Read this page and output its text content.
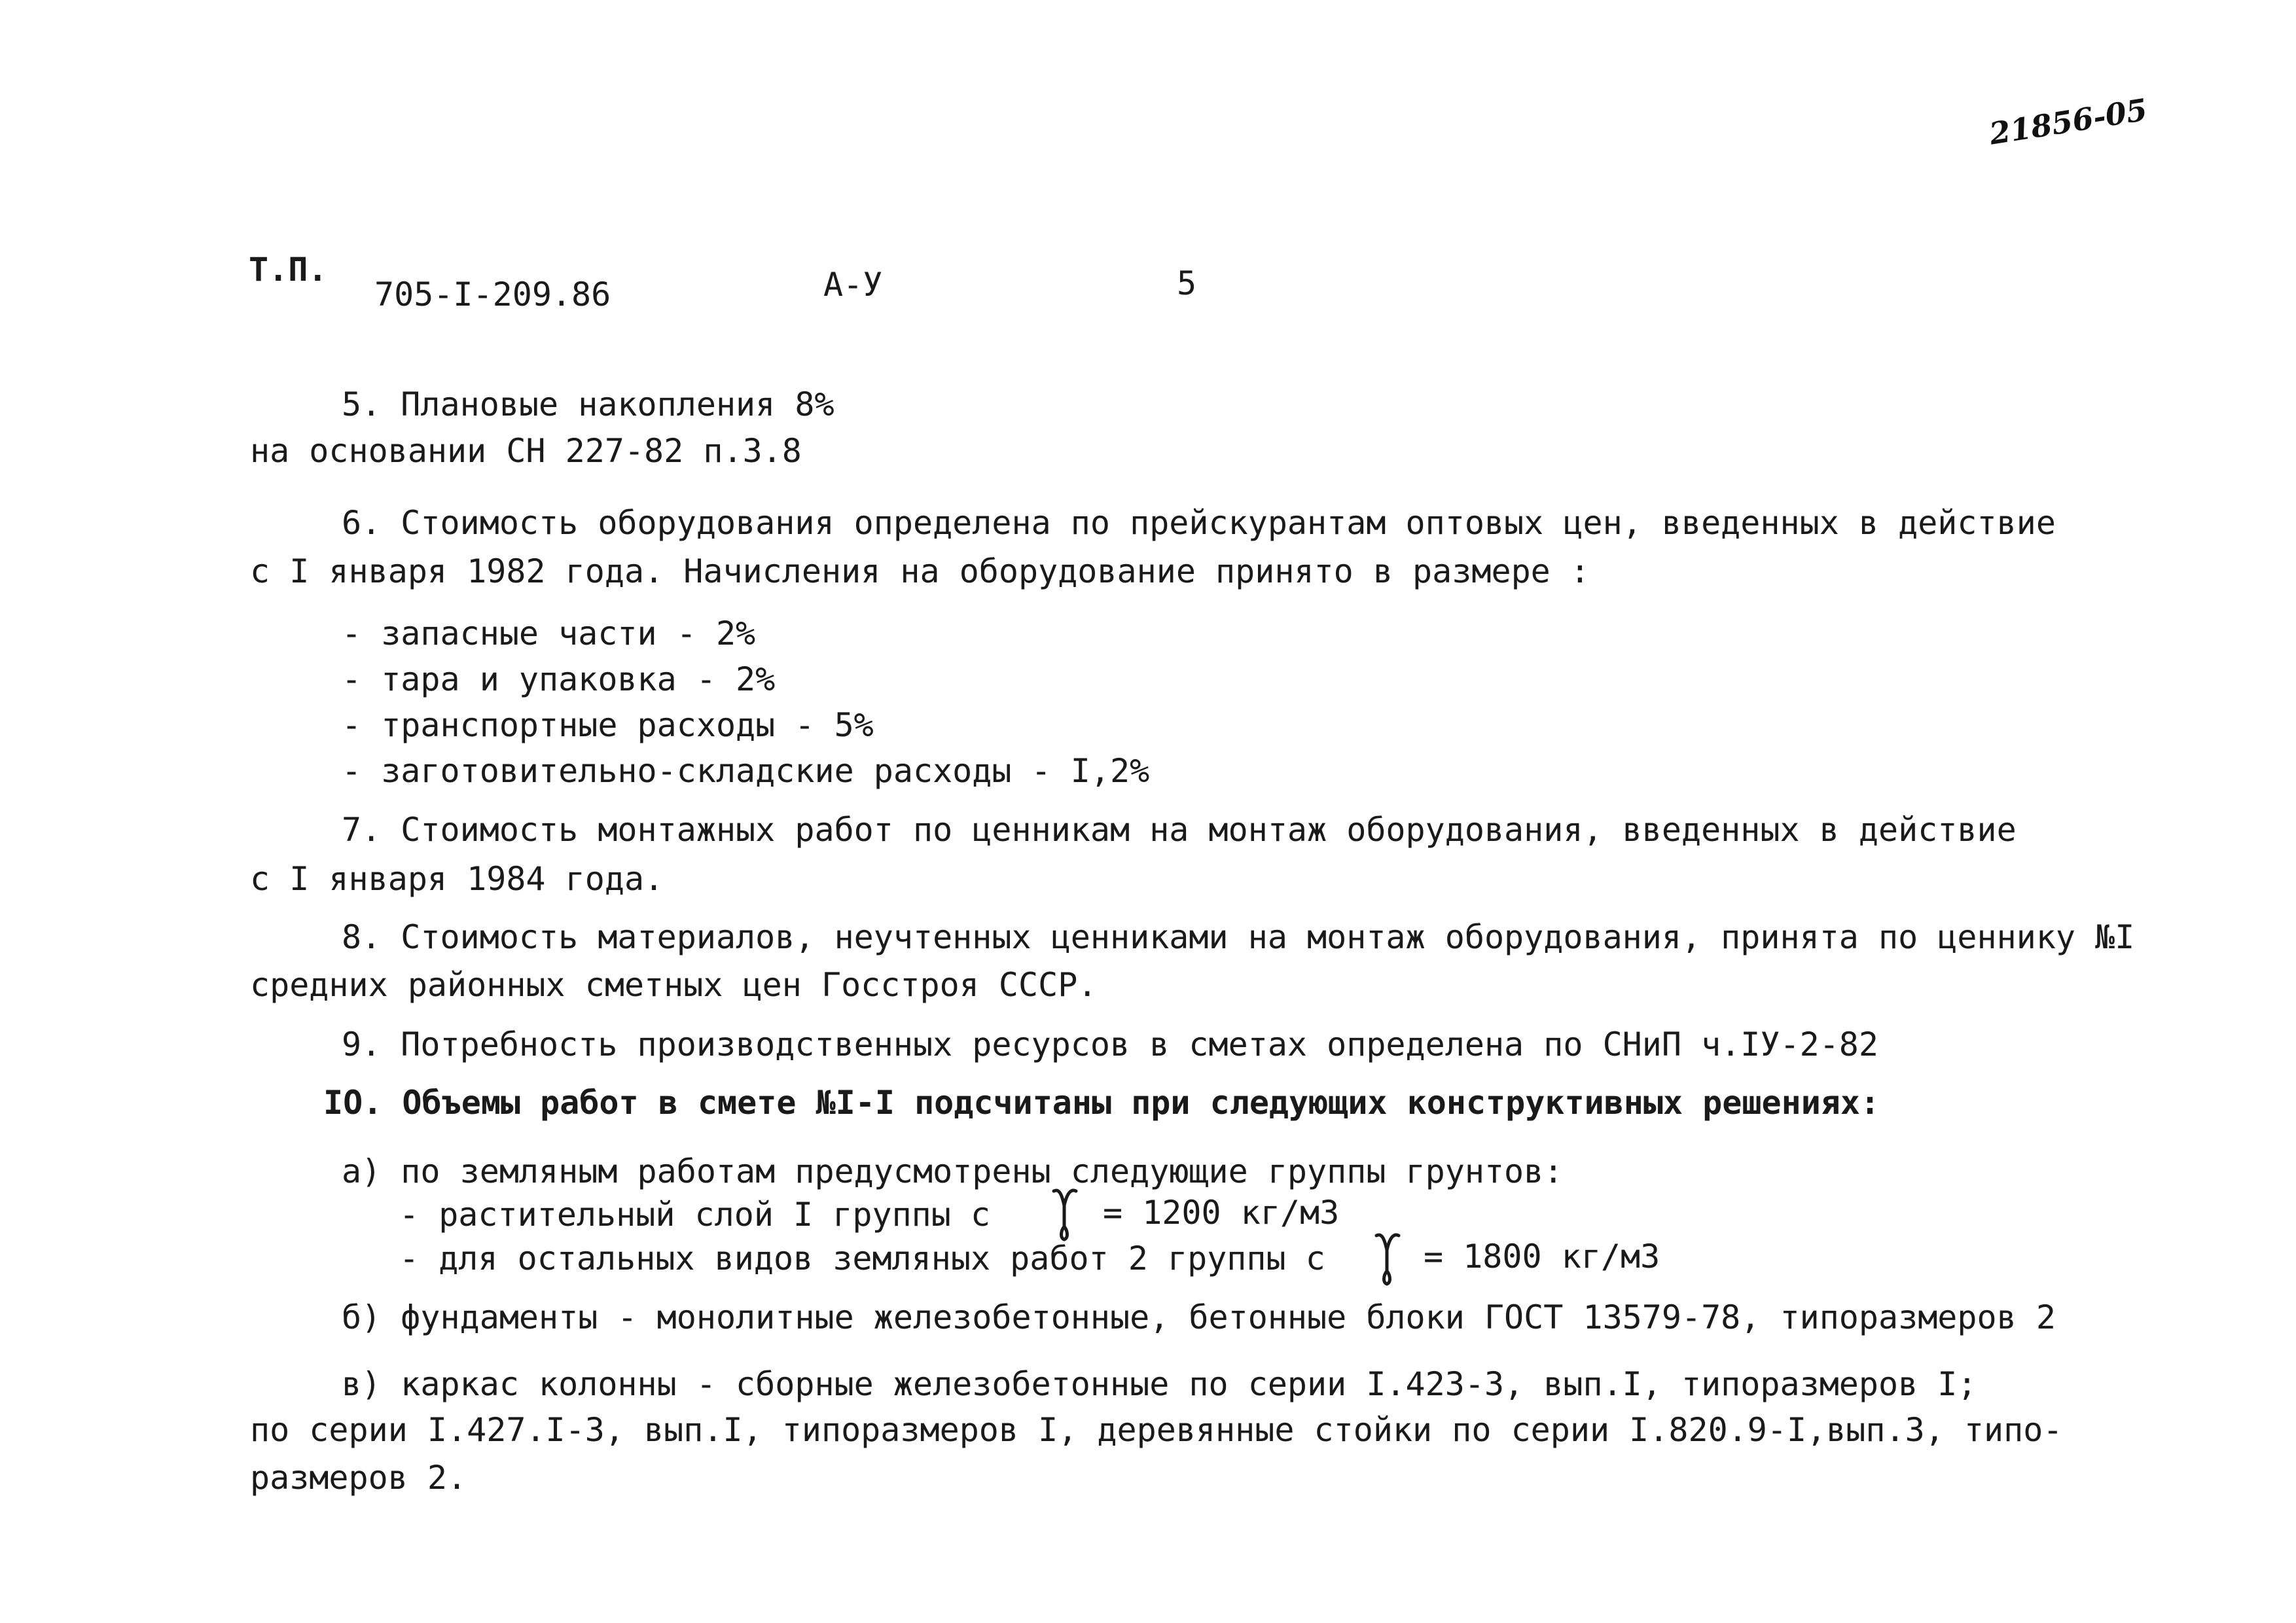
21856-05
Т.П.
705-I-209.86	А-У	5
5. Плановые накопления 8%
на основании СН 227-82 п.3.8
6. Стоимость оборудования определена по прейскурантам оптовых цен, введенных в действие
с I января 1982 года. Начисления на оборудование принято в размере :
- запасные части - 2%
- тара и упаковка - 2%
- транспортные расходы - 5%
- заготовительно-складские расходы - I,2%
7. Стоимость монтажных работ по ценникам на монтаж оборудования, введенных в действие
с I января 1984 года.
8. Стоимость материалов, неучтенных ценниками на монтаж оборудования, принята по ценнику №I
средних районных сметных цен Госстроя СССР.
9. Потребность производственных ресурсов в сметах определена по СНиП ч.IУ-2-82
IO. Объемы работ в смете №I-I подсчитаны при следующих конструктивных решениях:
а) по земляным работам предусмотрены следующие группы грунтов:
- растительный слой I группы с	= 1200 кг/м3
- для остальных видов земляных работ 2 группы с	= 1800 кг/м3
б) фундаменты - монолитные железобетонные, бетонные блоки ГОСТ 13579-78, типоразмеров 2
в) каркас колонны - сборные железобетонные по серии I.423-3, вып.I, типоразмеров I;
по серии I.427.I-3, вып.I, типоразмеров I, деревянные стойки по серии I.820.9-I,вып.3, типо-
размеров 2.
